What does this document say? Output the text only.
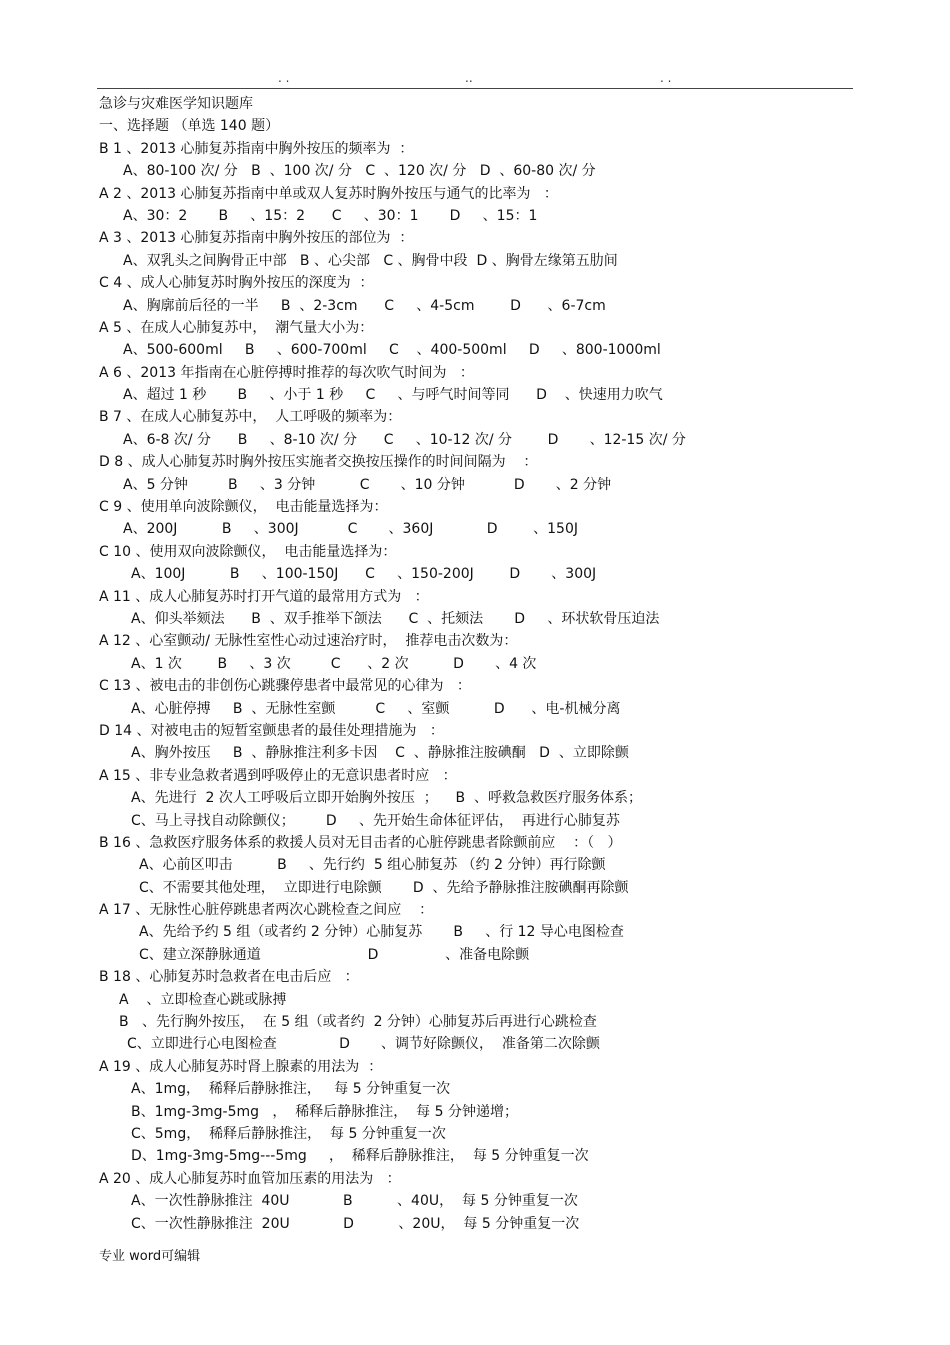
. .	..	. .
急诊与灾难医学知识题库
一、选择题 （单选 140 题）
B 1 、2013 心肺复苏指南中胸外按压的频率为  ：
A、80-100 次/ 分   B  、100 次/ 分   C  、120 次/ 分   D  、60-80 次/ 分
A 2 、2013 心肺复苏指南中单或双人复苏时胸外按压与通气的比率为   ：
A、30：2       B     、15：2      C     、30：1       D     、15：1
A 3 、2013 心肺复苏指南中胸外按压的部位为  ：
A、双乳头之间胸骨正中部   B 、心尖部   C 、胸骨中段  D 、胸骨左缘第五肋间
C 4 、成人心肺复苏时胸外按压的深度为  ：
A、胸廓前后径的一半     B  、2-3cm      C     、4-5cm        D      、6-7cm
A 5 、在成人心肺复苏中，  潮气量大小为：
A、500-600ml     B     、600-700ml     C    、400-500ml     D     、800-1000ml
A 6 、2013 年指南在心脏停搏时推荐的每次吹气时间为   ：
A、超过 1 秒       B     、小于 1 秒     C     、与呼气时间等同      D    、快速用力吹气
B 7 、在成人心肺复苏中，  人工呼吸的频率为：
A、6-8 次/ 分      B     、8-10 次/ 分      C     、10-12 次/ 分        D       、12-15 次/ 分
D 8 、成人心肺复苏时胸外按压实施者交换按压操作的时间间隔为    ：
A、5 分钟         B     、3 分钟          C       、10 分钟           D       、2 分钟
C 9 、使用单向波除颤仪，  电击能量选择为：
A、200J          B     、300J           C       、360J            D        、150J
C 10 、使用双向波除颤仪，  电击能量选择为：
A、100J          B     、100-150J      C     、150-200J        D       、300J
A 11 、成人心肺复苏时打开气道的最常用方式为   ：
A、仰头举颏法      B  、双手推举下颌法      C  、托颏法       D     、环状软骨压迫法
A 12 、心室颤动/ 无脉性室性心动过速治疗时，  推荐电击次数为：
A、1 次        B     、3 次         C      、2 次          D       、4 次
C 13 、被电击的非创伤心跳骤停患者中最常见的心律为   ：
A、心脏停搏     B  、无脉性室颤         C     、室颤          D      、电-机械分离
D 14 、对被电击的短暂室颤患者的最佳处理措施为   ：
A、胸外按压     B  、静脉推注利多卡因    C  、静脉推注胺碘酮   D  、立即除颤
A 15 、非专业急救者遇到呼吸停止的无意识患者时应   ：
A、先进行  2 次人工呼吸后立即开始胸外按压  ；    B  、呼救急救医疗服务体系；
C、马上寻找自动除颤仪；       D     、先开始生命体征评估，  再进行心肺复苏
B 16 、急救医疗服务体系的救援人员对无目击者的心脏停跳患者除颤前应    ：（   ）
A、心前区叩击          B     、先行约  5 组心肺复苏 （约 2 分钟）再行除颤
C、不需要其他处理，  立即进行电除颤       D  、先给予静脉推注胺碘酮再除颤
A 17 、无脉性心脏停跳患者两次心跳检查之间应    ：
A、先给予约 5 组（或者约 2 分钟）心肺复苏       B     、行 12 导心电图检查
C、建立深静脉通道                        D               、准备电除颤
B 18 、心肺复苏时急救者在电击后应   ：
A    、立即检查心跳或脉搏
B   、先行胸外按压，  在 5 组（或者约  2 分钟）心肺复苏后再进行心跳检查
C、立即进行心电图检查              D       、调节好除颤仪，  准备第二次除颤
A 19 、成人心肺复苏时肾上腺素的用法为  ：
A、1mg，  稀释后静脉推注，   每 5 分钟重复一次
B、1mg-3mg-5mg   ，  稀释后静脉推注，  每 5 分钟递增；
C、5mg，  稀释后静脉推注，  每 5 分钟重复一次
D、1mg-3mg-5mg---5mg     ，  稀释后静脉推注，  每 5 分钟重复一次
A 20 、成人心肺复苏时血管加压素的用法为   ：
A、一次性静脉推注  40U            B          、40U，  每 5 分钟重复一次
C、一次性静脉推注  20U            D          、20U，  每 5 分钟重复一次
专业 word可编辑
